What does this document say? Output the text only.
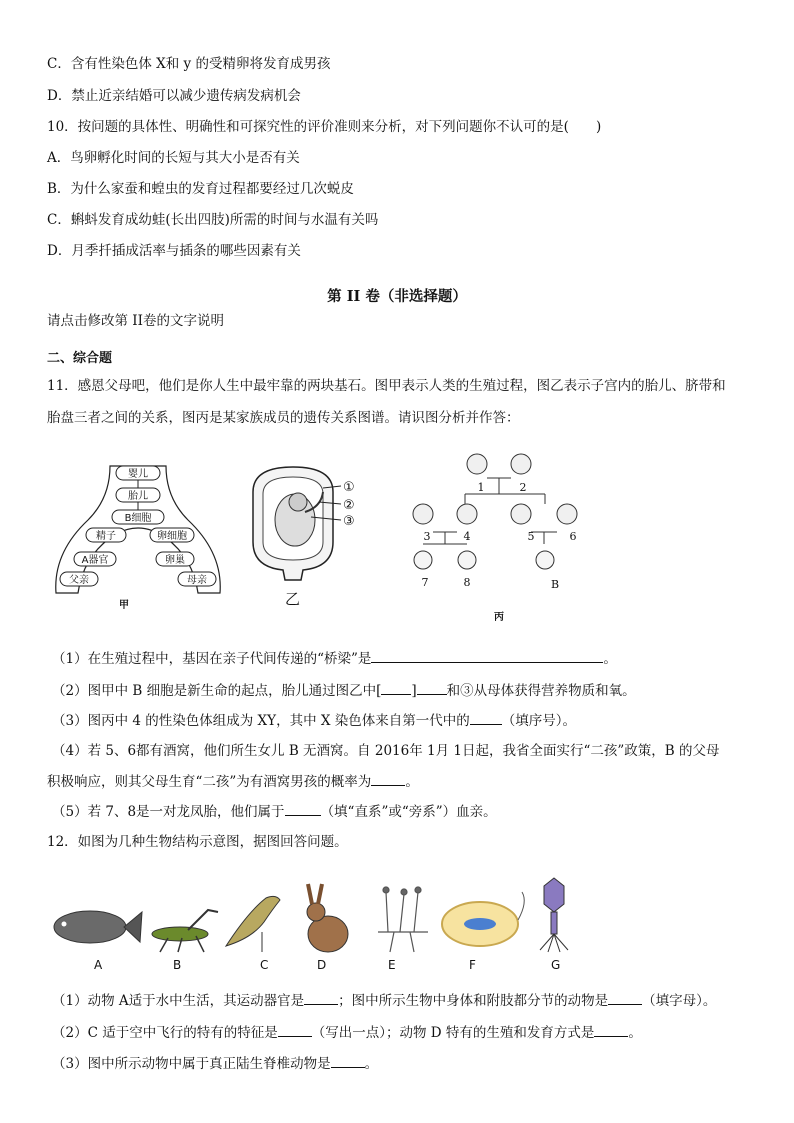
C．含有性染色体 X和 y 的受精卵将发育成男孩
D．禁止近亲结婚可以减少遗传病发病机会
10．按问题的具体性、明确性和可探究性的评价准则来分析，对下列问题你不认可的是(　　)
A．鸟卵孵化时间的长短与其大小是否有关
B．为什么家蚕和蝗虫的发育过程都要经过几次蜕皮
C．蝌蚪发育成幼蛙(长出四肢)所需的时间与水温有关吗
D．月季扦插成活率与插条的哪些因素有关
第 II 卷（非选择题）
请点击修改第 II卷的文字说明
二、综合题
11．感恩父母吧，他们是你人生中最牢靠的两块基石。图甲表示人类的生殖过程，图乙表示子宫内的胎儿、脐带和
胎盘三者之间的关系，图丙是某家族成员的遗传关系图谱。请识图分析并作答：
婴儿
胎儿
B细胞
精子	卵细胞
A器官	卵巢
父亲	母亲
甲
①
②
③
乙
1	2
3	4	5	6
7	8	B
丙
（1）在生殖过程中，基因在亲子代间传递的“桥梁”是	。
（2）图甲中 B 细胞是新生命的起点，胎儿通过图乙中[ ] 和③从母体获得营养物质和氧。
（3）图丙中 4 的性染色体组成为 XY，其中 X 染色体来自第一代中的 （填序号）。
（4）若 5、6都有酒窝，他们所生女儿 B 无酒窝。自 2016年 1月 1日起，我省全面实行“二孩”政策，B 的父母
积极响应，则其父母生育“二孩”为有酒窝男孩的概率为	。
（5）若 7、8是一对龙凤胎，他们属于	（填“直系”或“旁系”）血亲。
12．如图为几种生物结构示意图，据图回答问题。
A	B	C	D	E	F	G
（1）动物 A适于水中生活，其运动器官是	；图中所示生物中身体和附肢都分节的动物是	（填字母）。
（2）C 适于空中飞行的特有的特征是	（写出一点）；动物 D 特有的生殖和发育方式是	。
（3）图中所示动物中属于真正陆生脊椎动物是	。
